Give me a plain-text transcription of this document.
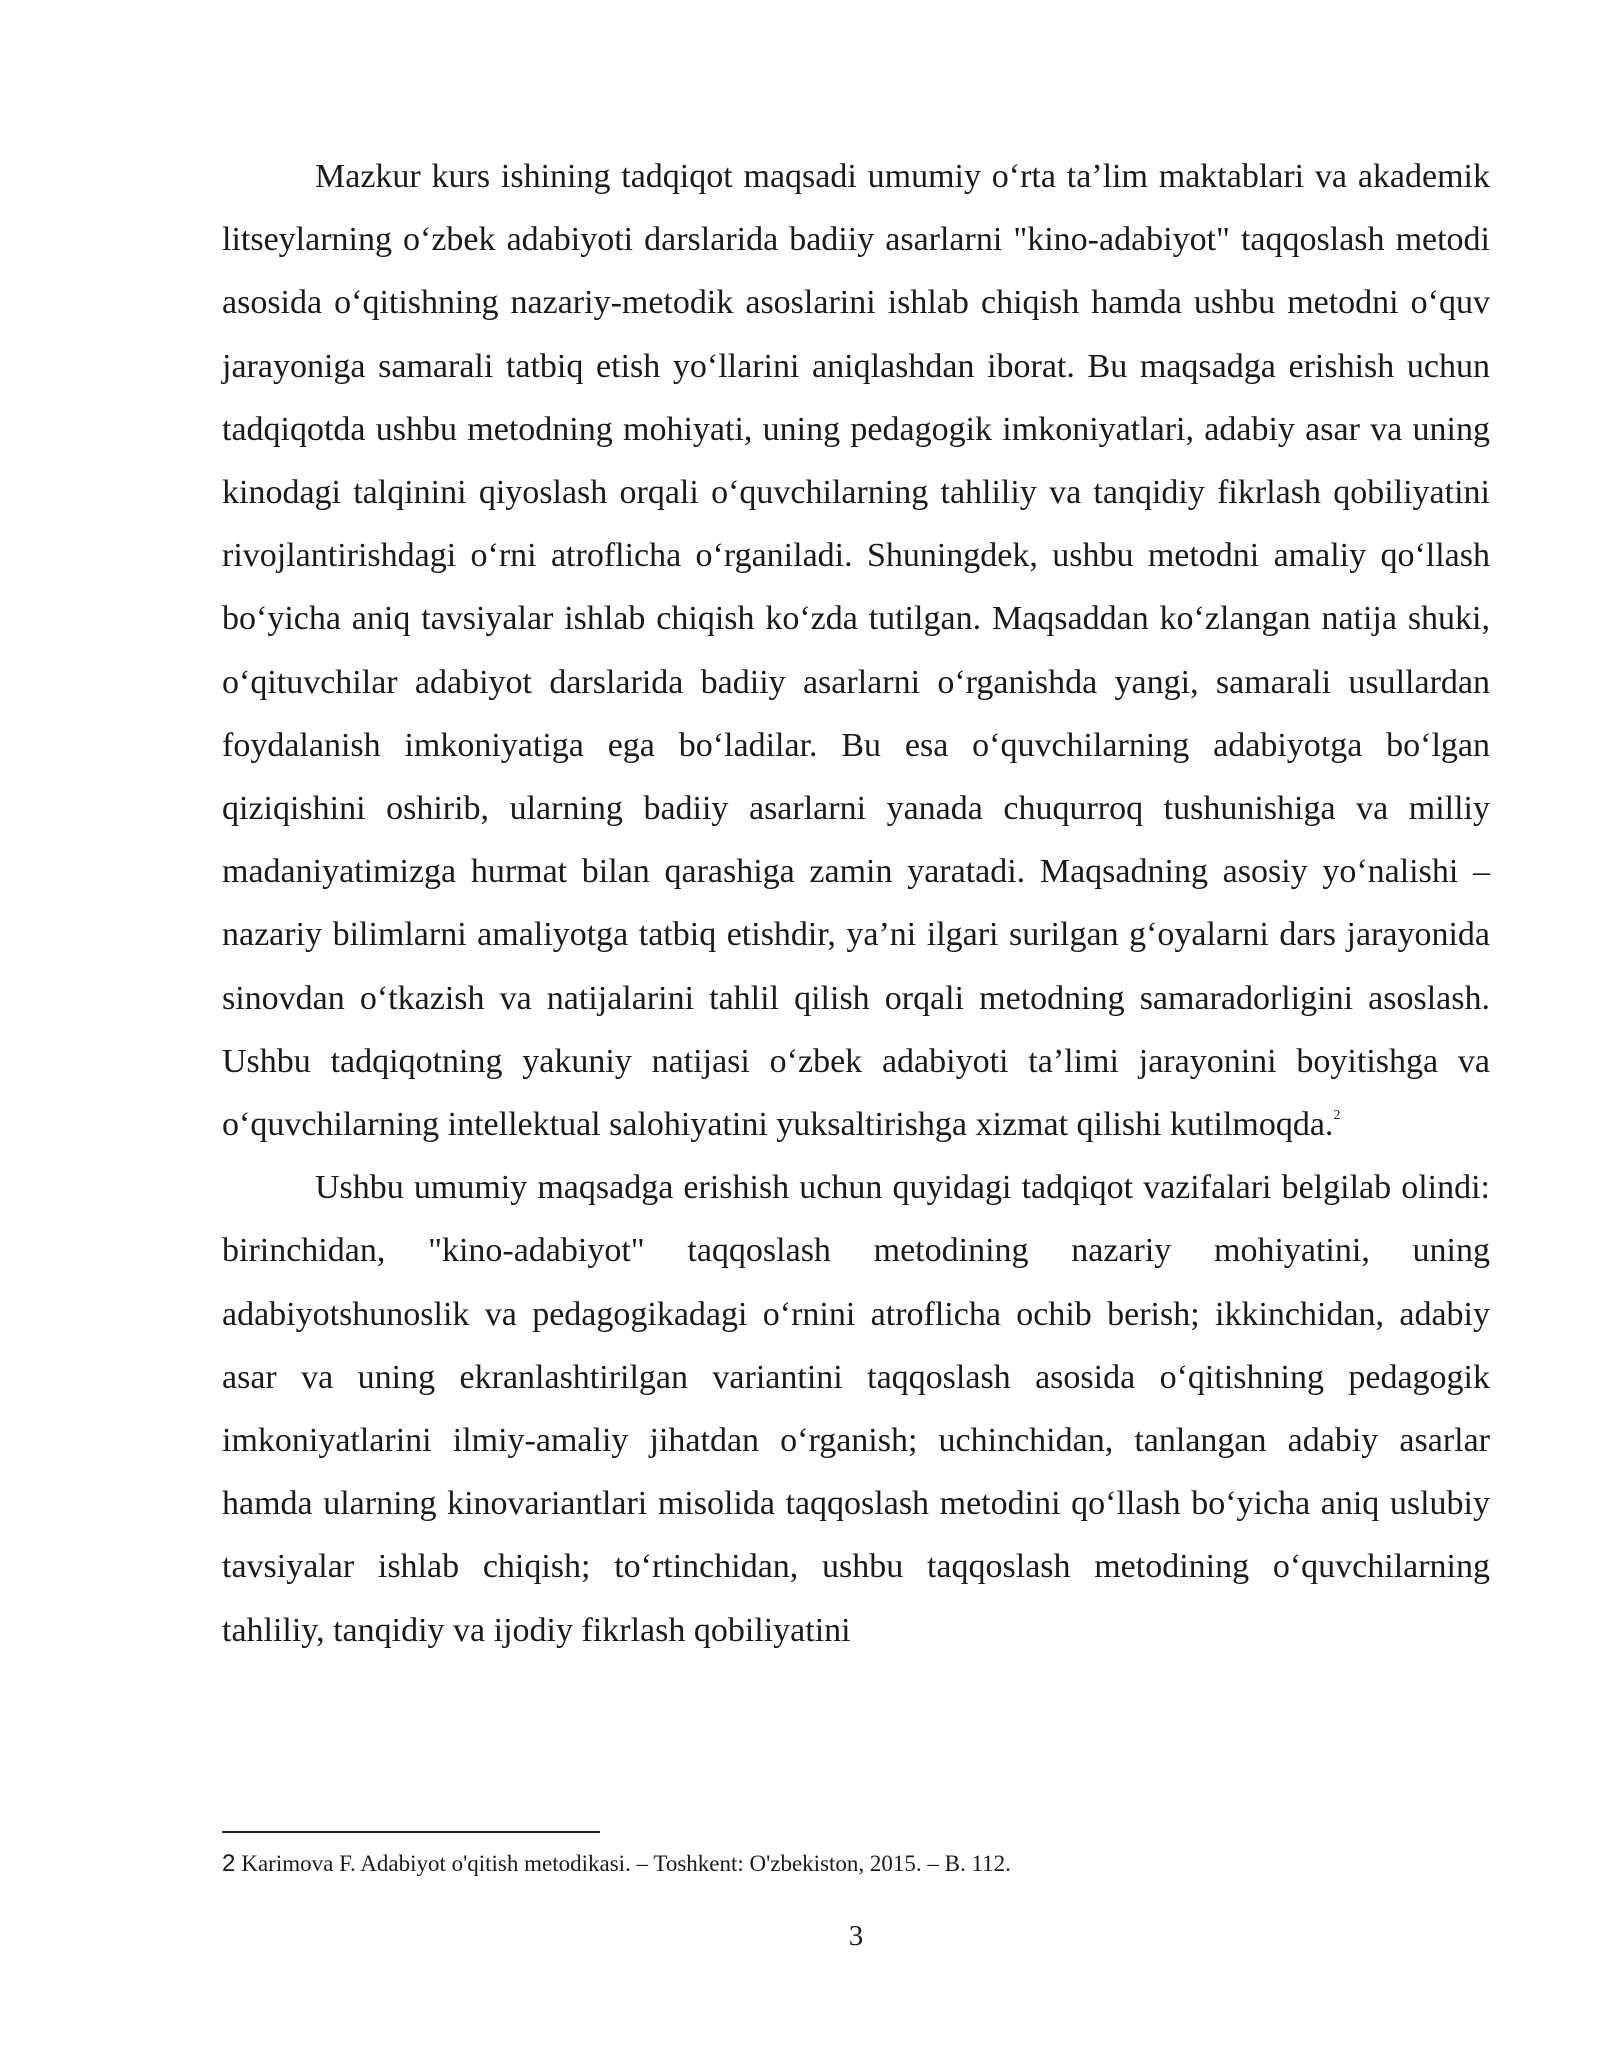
Mazkur kurs ishining tadqiqot maqsadi umumiy o‘rta ta’lim maktablari va akademik litseylarning o‘zbek adabiyoti darslarida badiiy asarlarni "kino-adabiyot" taqqoslash metodi asosida o‘qitishning nazariy-metodik asoslarini ishlab chiqish hamda ushbu metodni o‘quv jarayoniga samarali tatbiq etish yo‘llarini aniqlashdan iborat. Bu maqsadga erishish uchun tadqiqotda ushbu metodning mohiyati, uning pedagogik imkoniyatlari, adabiy asar va uning kinodagi talqinini qiyoslash orqali o‘quvchilarning tahliliy va tanqidiy fikrlash qobiliyatini rivojlantirishdagi o‘rni atroflicha o‘rganiladi. Shuningdek, ushbu metodni amaliy qo‘llash bo‘yicha aniq tavsiyalar ishlab chiqish ko‘zda tutilgan. Maqsaddan ko‘zlangan natija shuki, o‘qituvchilar adabiyot darslarida badiiy asarlarni o‘rganishda yangi, samarali usullardan foydalanish imkoniyatiga ega bo‘ladilar. Bu esa o‘quvchilarning adabiyotga bo‘lgan qiziqishini oshirib, ularning badiiy asarlarni yanada chuqurroq tushunishiga va milliy madaniyatimizga hurmat bilan qarashiga zamin yaratadi. Maqsadning asosiy yo‘nalishi – nazariy bilimlarni amaliyotga tatbiq etishdir, ya’ni ilgari surilgan g‘oyalarni dars jarayonida sinovdan o‘tkazish va natijalarini tahlil qilish orqali metodning samaradorligini asoslash. Ushbu tadqiqotning yakuniy natijasi o‘zbek adabiyoti ta’limi jarayonini boyitishga va o‘quvchilarning intellektual salohiyatini yuksaltirishga xizmat qilishi kutilmoqda.$^2$

Ushbu umumiy maqsadga erishish uchun quyidagi tadqiqot vazifalari belgilab olindi: birinchidan, "kino-adabiyot" taqqoslash metodining nazariy mohiyatini, uning adabiyotshunoslik va pedagogikadagi o‘rnini atroflicha ochib berish; ikkinchidan, adabiy asar va uning ekranlashtirilgan variantini taqqoslash asosida o‘qitishning pedagogik imkoniyatlarini ilmiy-amaliy jihatdan o‘rganish; uchinchidan, tanlangan adabiy asarlar hamda ularning kinovariantlari misolida taqqoslash metodini qo‘llash bo‘yicha aniq uslubiy tavsiyalar ishlab chiqish; to‘rtinchidan, ushbu taqqoslash metodining o‘quvchilarning tahliliy, tanqidiy va ijodiy fikrlash qobiliyatini

2 Karimova F. Adabiyot o'qitish metodikasi. – Toshkent: O'zbekiston, 2015. – B. 112.
3
